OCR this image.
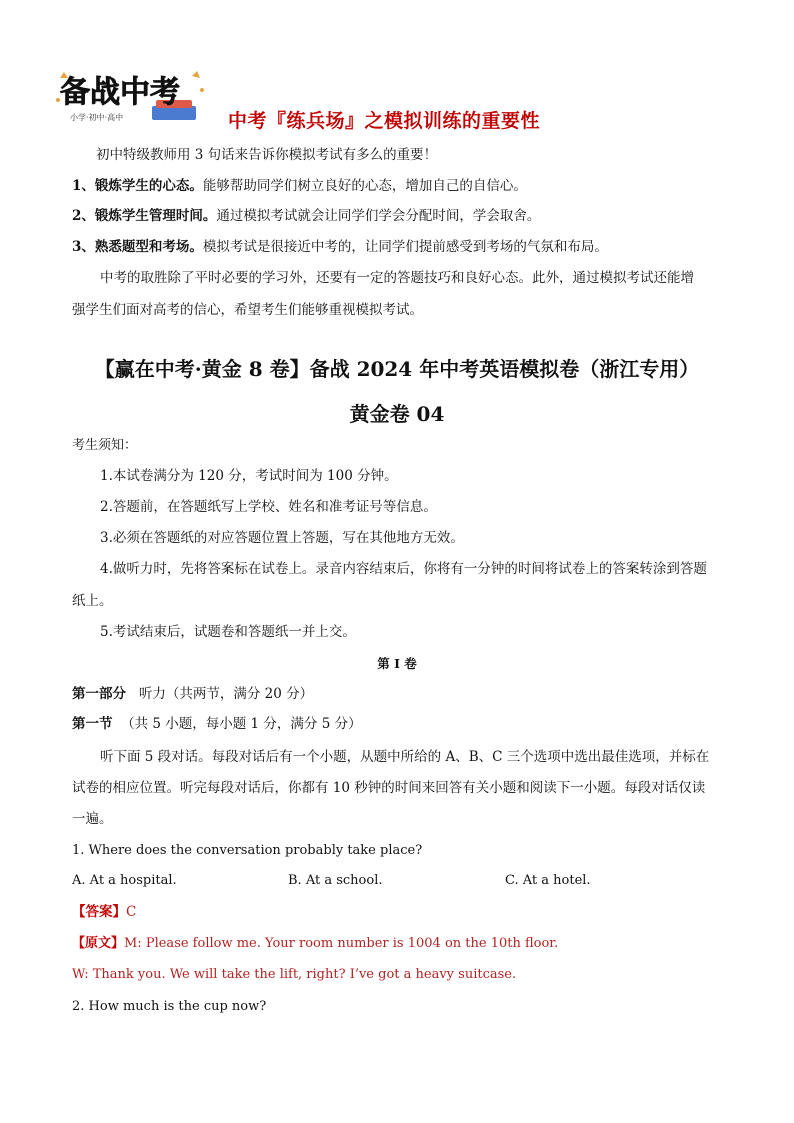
备战中考
小学·初中·高中	中考『练兵场』之模拟训练的重要性
初中特级教师用 3 句话来告诉你模拟考试有多么的重要！
1、锻炼学生的心态。能够帮助同学们树立良好的心态，增加自己的自信心。
2、锻炼学生管理时间。通过模拟考试就会让同学们学会分配时间，学会取舍。
3、熟悉题型和考场。模拟考试是很接近中考的，让同学们提前感受到考场的气氛和布局。
中考的取胜除了平时必要的学习外，还要有一定的答题技巧和良好心态。此外，通过模拟考试还能增
强学生们面对高考的信心，希望考生们能够重视模拟考试。
【赢在中考·黄金 8 卷】备战 2024 年中考英语模拟卷（浙江专用）
黄金卷 04
考生须知：
1.本试卷满分为 120 分，考试时间为 100 分钟。
2.答题前，在答题纸写上学校、姓名和准考证号等信息。
3.必须在答题纸的对应答题位置上答题，写在其他地方无效。
4.做听力时，先将答案标在试卷上。录音内容结束后，你将有一分钟的时间将试卷上的答案转涂到答题
纸上。
5.考试结束后，试题卷和答题纸一并上交。
第 I 卷
第一部分 听力（共两节，满分 20 分）
第一节 （共 5 小题，每小题 1 分，满分 5 分）
听下面 5 段对话。每段对话后有一个小题，从题中所给的 A、B、C 三个选项中选出最佳选项，并标在
试卷的相应位置。听完每段对话后，你都有 10 秒钟的时间来回答有关小题和阅读下一小题。每段对话仅读
一遍。
1. Where does the conversation probably take place?
A. At a hospital.	B. At a school.	C. At a hotel.
【答案】C
【原文】M: Please follow me. Your room number is 1004 on the 10th floor.
W: Thank you. We will take the lift, right? I’ve got a heavy suitcase.
2. How much is the cup now?
